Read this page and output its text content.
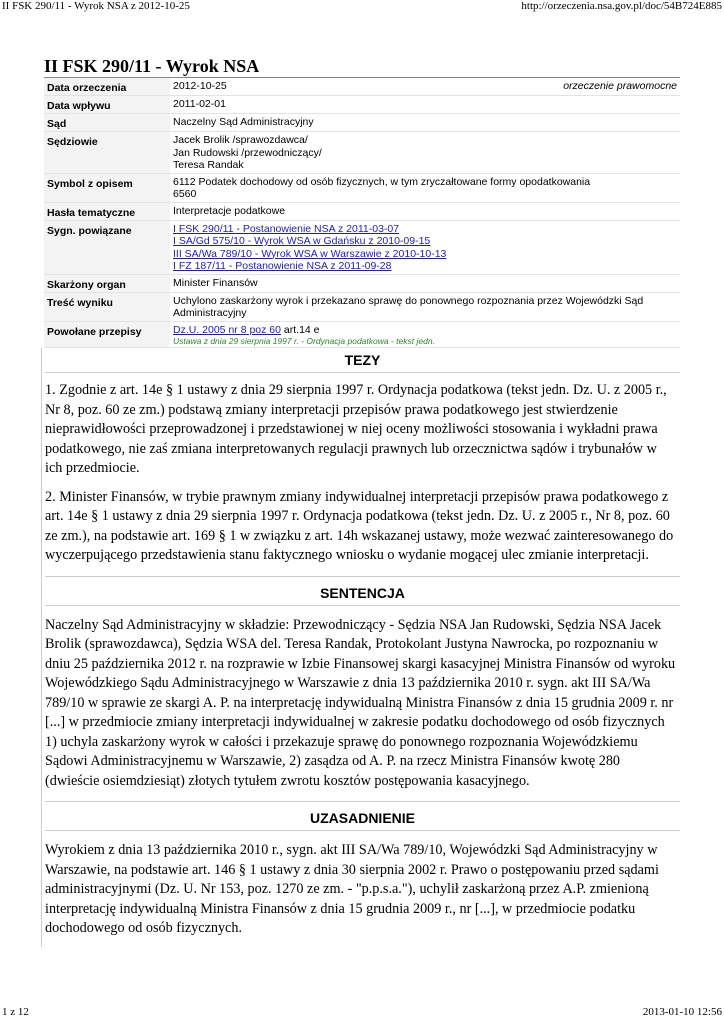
II FSK 290/11 - Wyrok NSA z 2012-10-25	http://orzeczenia.nsa.gov.pl/doc/54B724E885
II FSK 290/11 - Wyrok NSA
Data orzeczenia	2012-10-25 orzeczenie prawomocne

Data wpływu	2011-02-01
Sąd	Naczelny Sąd Administracyjny
Sędziowie	Jacek Brolik /sprawozdawca/
Jan Rudowski /przewodniczący/
Teresa Randak

Symbol z opisem	6112 Podatek dochodowy od osób fizycznych, w tym zryczałtowane formy opodatkowania
6560

Hasła tematyczne	Interpretacje podatkowe
Sygn. powiązane	I FSK 290/11 - Postanowienie NSA z 2011-03-07
I SA/Gd 575/10 - Wyrok WSA w Gdańsku z 2010-09-15
III SA/Wa 789/10 - Wyrok WSA w Warszawie z 2010-10-13
I FZ 187/11 - Postanowienie NSA z 2011-09-28

Skarżony organ	Minister Finansów
Treść wyniku	Uchylono zaskarżony wyrok i przekazano sprawę do ponownego rozpoznania przez Wojewódzki Sąd Administracyjny
Powołane przepisy	Dz.U. 2005 nr 8 poz 60 art.14 e
Ustawa z dnia 29 sierpnia 1997 r. - Ordynacja podatkowa - tekst jedn.
TEZY

1. Zgodnie z art. 14e § 1 ustawy z dnia 29 sierpnia 1997 r. Ordynacja podatkowa (tekst jedn. Dz. U. z 2005 r., Nr 8, poz. 60 ze zm.) podstawą zmiany interpretacji przepisów prawa podatkowego jest stwierdzenie nieprawidłowości przeprowadzonej i przedstawionej w niej oceny możliwości stosowania i wykładni prawa podatkowego, nie zaś zmiana interpretowanych regulacji prawnych lub orzecznictwa sądów i trybunałów w ich przedmiocie.

2. Minister Finansów, w trybie prawnym zmiany indywidualnej interpretacji przepisów prawa podatkowego z art. 14e § 1 ustawy z dnia 29 sierpnia 1997 r. Ordynacja podatkowa (tekst jedn. Dz. U. z 2005 r., Nr 8, poz. 60 ze zm.), na podstawie art. 169 § 1 w związku z art. 14h wskazanej ustawy, może wezwać zainteresowanego do wyczerpującego przedstawienia stanu faktycznego wniosku o wydanie mogącej ulec zmianie interpretacji.

SENTENCJA

Naczelny Sąd Administracyjny w składzie: Przewodniczący - Sędzia NSA Jan Rudowski, Sędzia NSA Jacek Brolik (sprawozdawca), Sędzia WSA del. Teresa Randak, Protokolant Justyna Nawrocka, po rozpoznaniu w dniu 25 października 2012 r. na rozprawie w Izbie Finansowej skargi kasacyjnej Ministra Finansów od wyroku Wojewódzkiego Sądu Administracyjnego w Warszawie z dnia 13 października 2010 r. sygn. akt III SA/Wa 789/10 w sprawie ze skargi A. P. na interpretację indywidualną Ministra Finansów z dnia 15 grudnia 2009 r. nr [...] w przedmiocie zmiany interpretacji indywidualnej w zakresie podatku dochodowego od osób fizycznych 1) uchyla zaskarżony wyrok w całości i przekazuje sprawę do ponownego rozpoznania Wojewódzkiemu Sądowi Administracyjnemu w Warszawie, 2) zasądza od A. P. na rzecz Ministra Finansów kwotę 280 (dwieście osiemdziesiąt) złotych tytułem zwrotu kosztów postępowania kasacyjnego.

UZASADNIENIE

Wyrokiem z dnia 13 października 2010 r., sygn. akt III SA/Wa 789/10, Wojewódzki Sąd Administracyjny w Warszawie, na podstawie art. 146 § 1 ustawy z dnia 30 sierpnia 2002 r. Prawo o postępowaniu przed sądami administracyjnymi (Dz. U. Nr 153, poz. 1270 ze zm. - "p.p.s.a."), uchylił zaskarżoną przez A.P. zmienioną interpretację indywidualną Ministra Finansów z dnia 15 grudnia 2009 r., nr [...], w przedmiocie podatku dochodowego od osób fizycznych.

1 z 12	2013-01-10 12:56
